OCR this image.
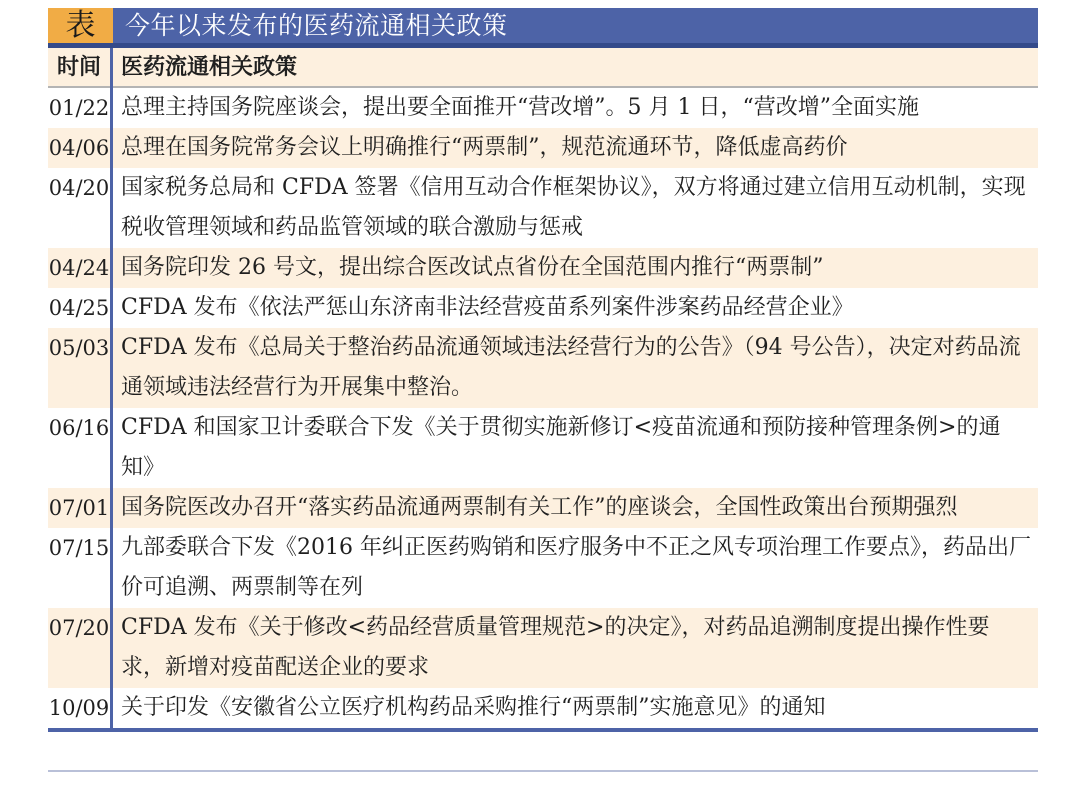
表	今年以来发布的医药流通相关政策
时间 医药流通相关政策
01/22 总理主持国务院座谈会，提出要全面推开“营改增”。5 月 1 日，“营改增”全面实施
04/06 总理在国务院常务会议上明确推行“两票制”，规范流通环节，降低虚高药价
04/20 国家税务总局和 CFDA 签署《信用互动合作框架协议》，双方将通过建立信用互动机制，实现税收管理领域和药品监管领域的联合激励与惩戒
04/24 国务院印发 26 号文，提出综合医改试点省份在全国范围内推行“两票制”
04/25 CFDA 发布《依法严惩山东济南非法经营疫苗系列案件涉案药品经营企业》
05/03 CFDA 发布《总局关于整治药品流通领域违法经营行为的公告》（94 号公告），决定对药品流通领域违法经营行为开展集中整治。
06/16 CFDA 和国家卫计委联合下发《关于贯彻实施新修订<疫苗流通和预防接种管理条例>的通知》
07/01 国务院医改办召开“落实药品流通两票制有关工作”的座谈会，全国性政策出台预期强烈
07/15 九部委联合下发《2016 年纠正医药购销和医疗服务中不正之风专项治理工作要点》，药品出厂价可追溯、两票制等在列
07/20 CFDA 发布《关于修改<药品经营质量管理规范>的决定》，对药品追溯制度提出操作性要求，新增对疫苗配送企业的要求
10/09 关于印发《安徽省公立医疗机构药品采购推行“两票制”实施意见》的通知
